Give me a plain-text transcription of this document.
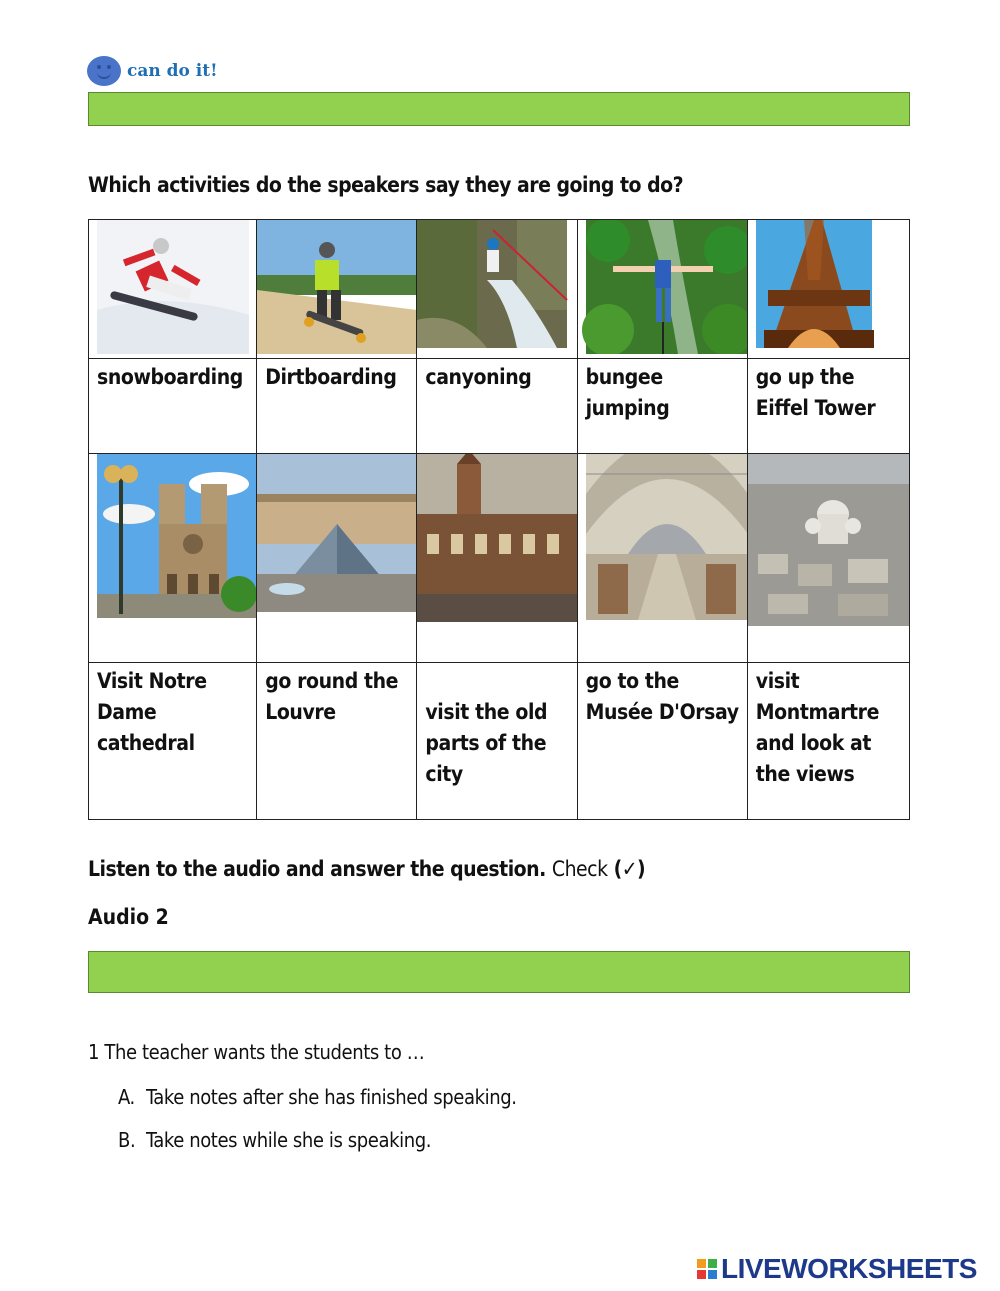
can do it!
Which activities do the speakers say they are going to do?

snowboarding	Dirtboarding	canyoning	bungee jumping	go up the Eiffel Tower

Visit Notre Dame cathedral	go round the Louvre	visit the old parts of the city	go to the Musée D'Orsay	visit Montmartre and look at the views
Listen to the audio and answer the question. Check (✓)
Audio 2
1 The teacher wants the students to …
A. Take notes after she has finished speaking.
B. Take notes while she is speaking.
LIVEWORKSHEETS
